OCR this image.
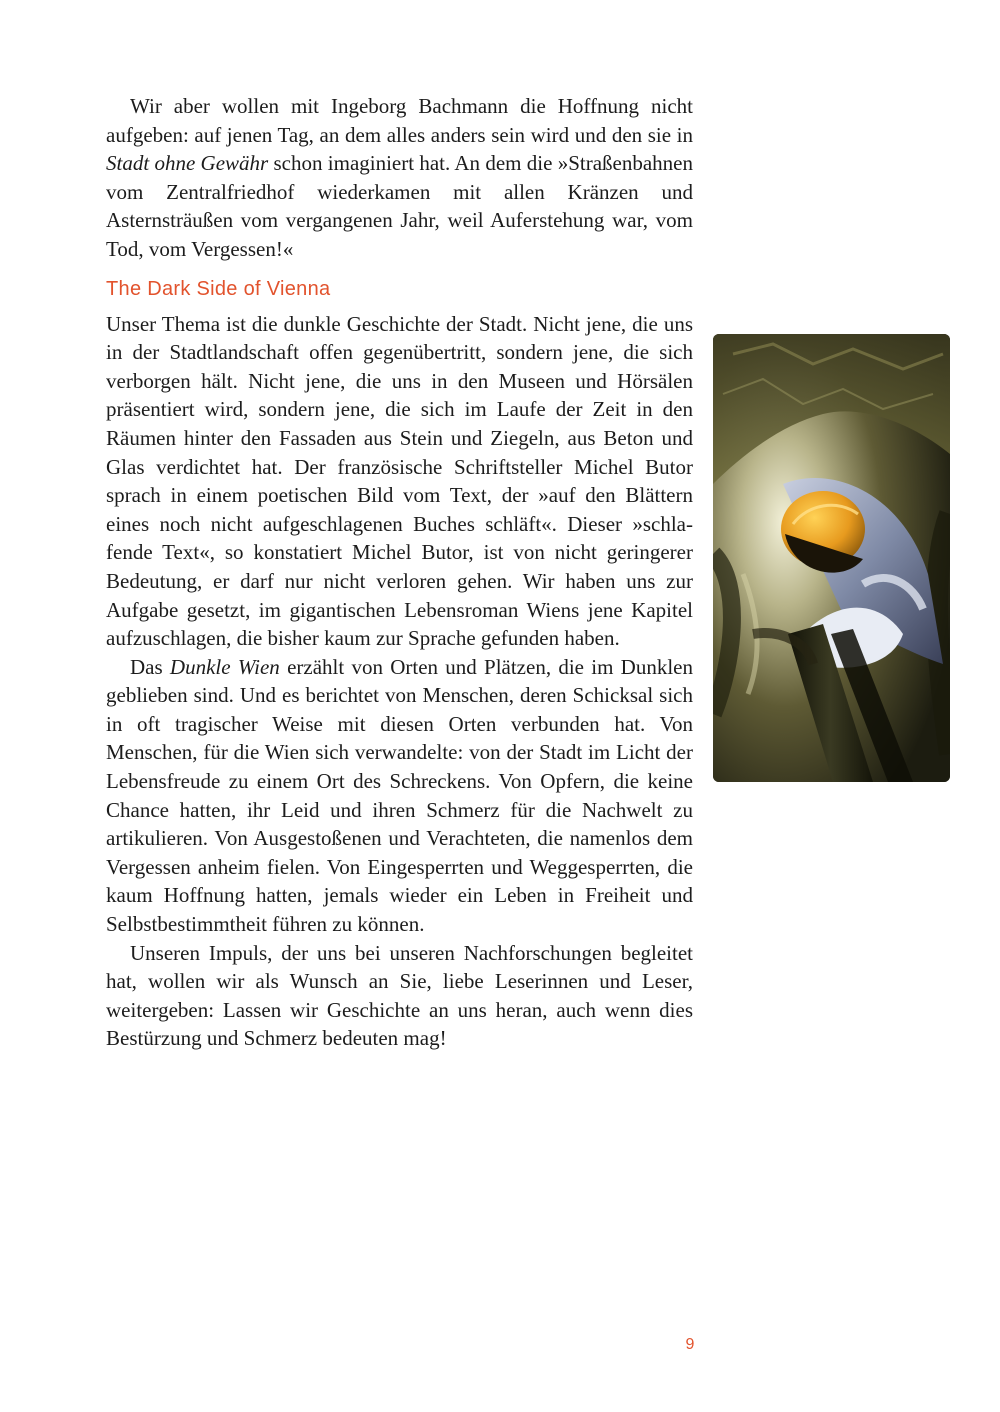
Wir aber wollen mit Ingeborg Bachmann die Hoffnung nicht aufgeben: auf jenen Tag, an dem alles anders sein wird und den sie in Stadt ohne Gewähr schon imaginiert hat. An dem die »Straßenbahnen vom Zentralfriedhof wiederkamen mit allen Kränzen und Asternsträußen vom vergangenen Jahr, weil Auferstehung war, vom Tod, vom Vergessen!«

The Dark Side of Vienna

Unser Thema ist die dunkle Geschichte der Stadt. Nicht jene, die uns in der Stadtlandschaft offen gegenübertritt, sondern jene, die sich verborgen hält. Nicht jene, die uns in den Museen und Hörsälen präsentiert wird, sondern jene, die sich im Laufe der Zeit in den Räumen hinter den Fassaden aus Stein und Ziegeln, aus Beton und Glas verdichtet hat. Der französische Schriftsteller Michel Butor sprach in einem poetischen Bild vom Text, der »auf den Blättern eines noch nicht aufgeschlagenen Buches schläft«. Dieser »schlafende Text«, so konstatiert Michel Butor, ist von nicht geringerer Bedeutung, er darf nur nicht verloren gehen. Wir haben uns zur Aufgabe gesetzt, im gigantischen Lebensroman Wiens jene Kapitel aufzuschlagen, die bisher kaum zur Sprache gefunden haben.

Das Dunkle Wien erzählt von Orten und Plätzen, die im Dunklen geblieben sind. Und es berichtet von Menschen, deren Schicksal sich in oft tragischer Weise mit diesen Orten verbunden hat. Von Menschen, für die Wien sich verwandelte: von der Stadt im Licht der Lebensfreude zu einem Ort des Schreckens. Von Opfern, die keine Chance hatten, ihr Leid und ihren Schmerz für die Nachwelt zu artikulieren. Von Ausgestoßenen und Verachteten, die namenlos dem Vergessen anheim fielen. Von Eingesperrten und Weggesperrten, die kaum Hoffnung hatten, jemals wieder ein Leben in Freiheit und Selbstbestimmtheit führen zu können.

Unseren Impuls, der uns bei unseren Nachforschungen begleitet hat, wollen wir als Wunsch an Sie, liebe Leserinnen und Leser, weitergeben: Lassen wir Geschichte an uns heran, auch wenn dies Bestürzung und Schmerz bedeuten mag!

9
